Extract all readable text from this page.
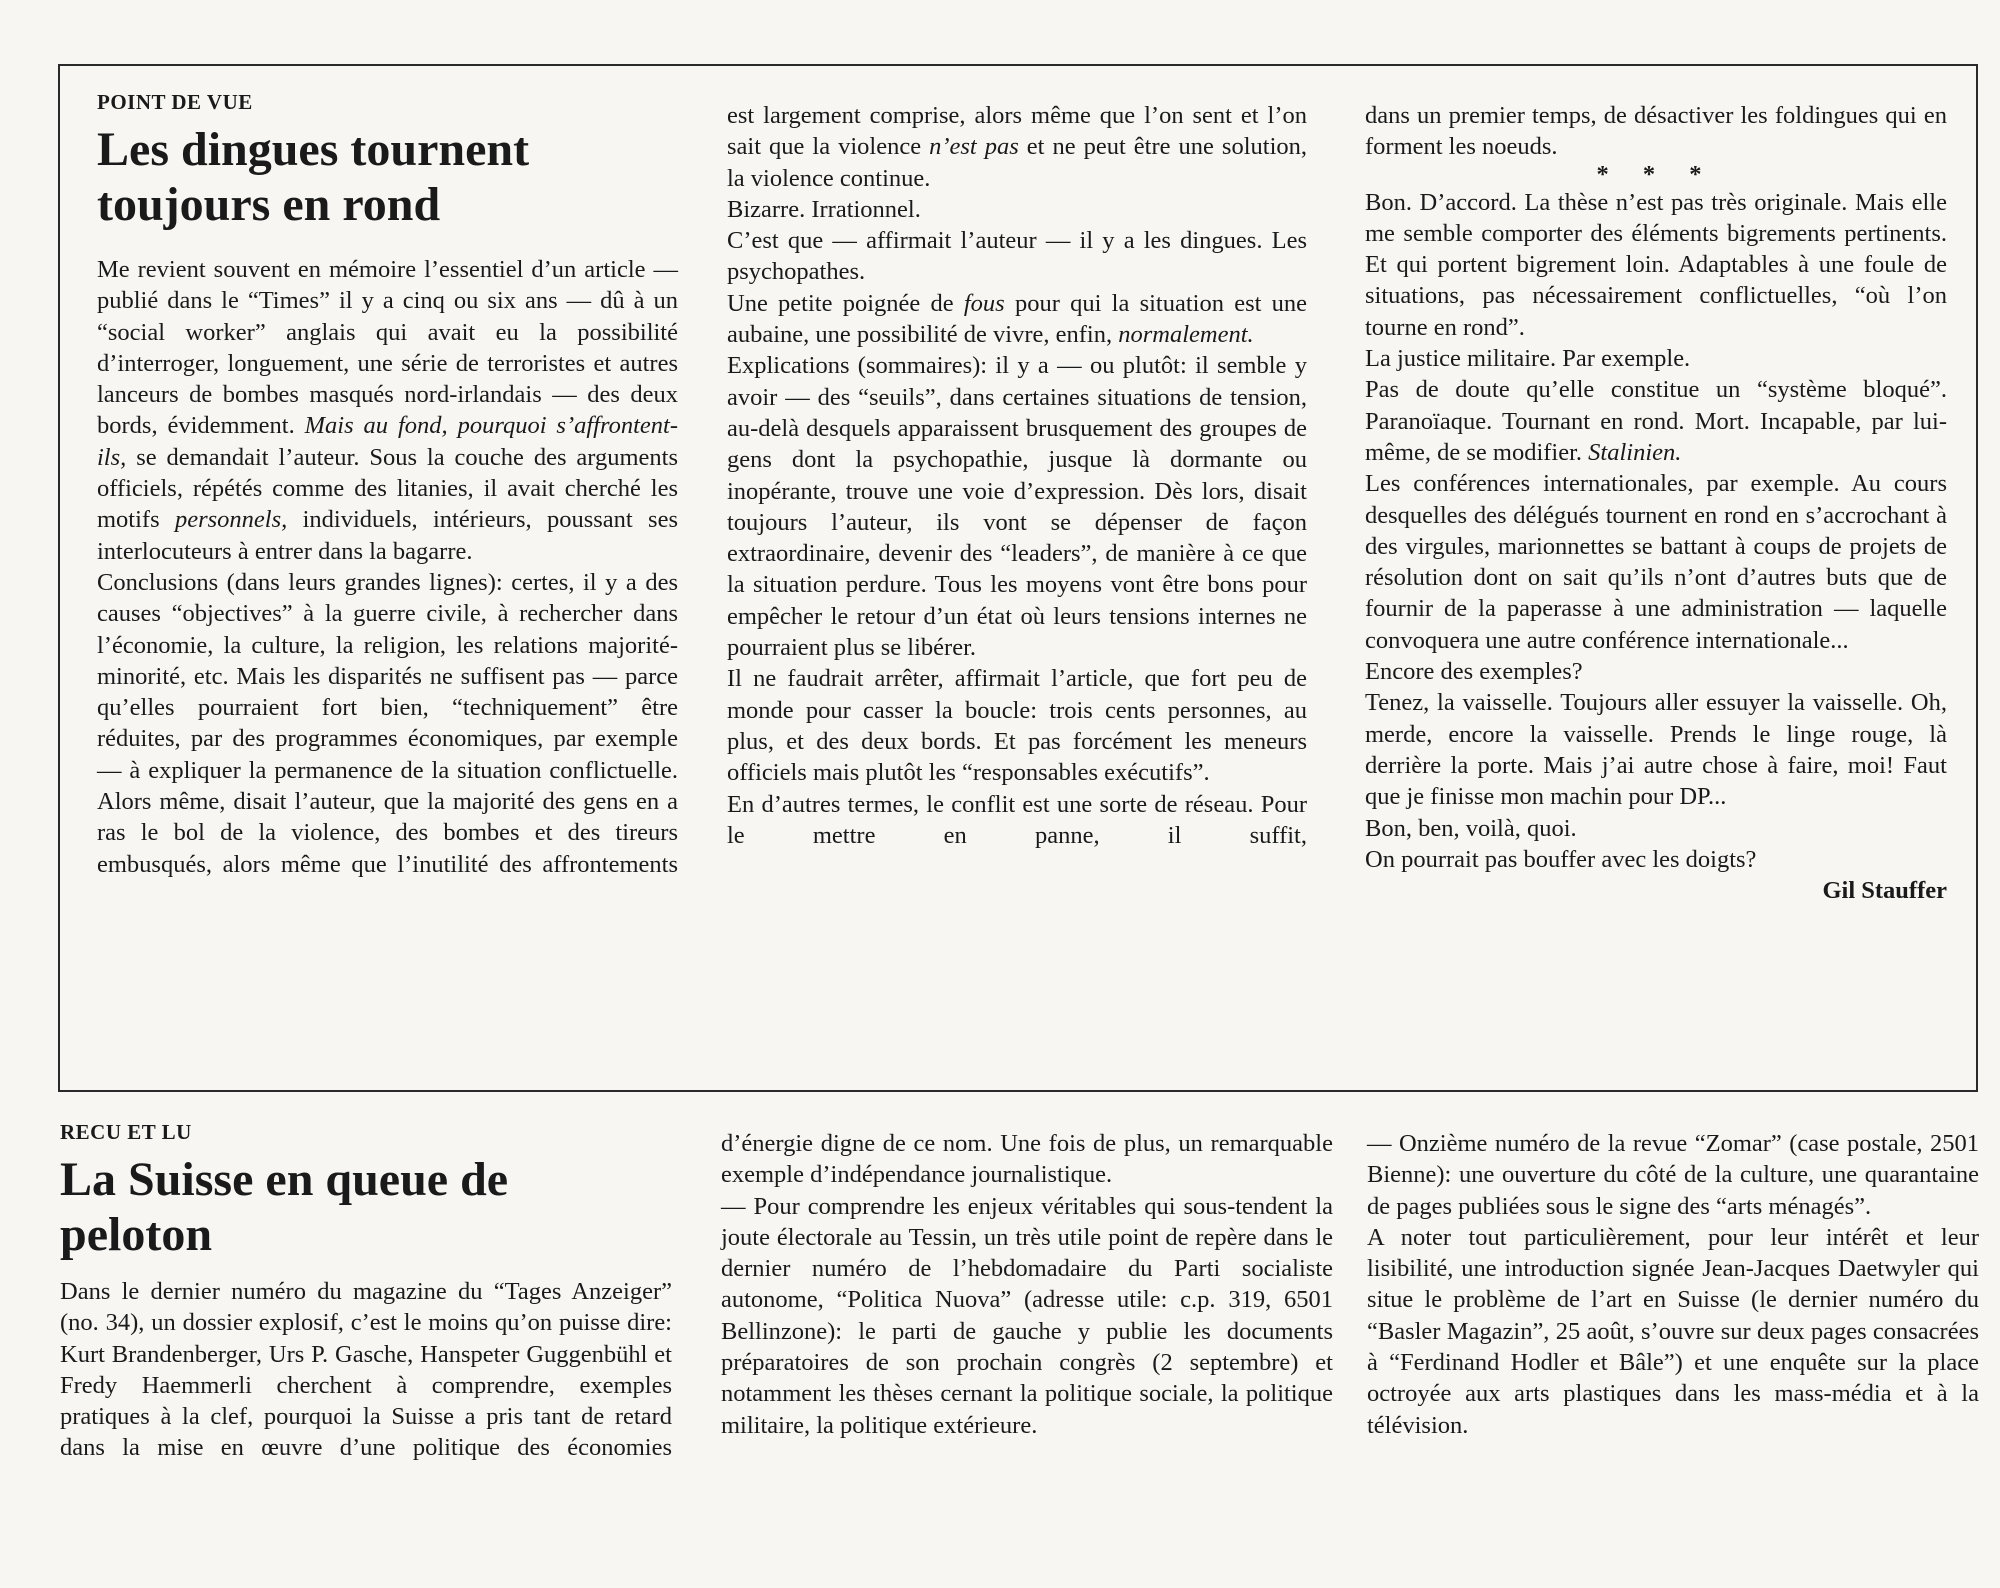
POINT DE VUE
Les dingues tournent toujours en rond

Me revient souvent en mémoire l’essentiel d’un article — publié dans le “Times” il y a cinq ou six ans — dû à un “social worker” anglais qui avait eu la possibilité d’interroger, longuement, une série de terroristes et autres lanceurs de bombes masqués nord-irlandais — des deux bords, évidemment. Mais au fond, pourquoi s’affrontent-ils, se demandait l’auteur. Sous la couche des arguments officiels, répétés comme des litanies, il avait cherché les motifs personnels, individuels, intérieurs, poussant ses interlocuteurs à entrer dans la bagarre.

Conclusions (dans leurs grandes lignes): certes, il y a des causes “objectives” à la guerre civile, à rechercher dans l’économie, la culture, la religion, les relations majorité-minorité, etc. Mais les disparités ne suffisent pas — parce qu’elles pourraient fort bien, “techniquement” être réduites, par des programmes économiques, par exemple — à expliquer la permanence de la situation conflictuelle. Alors même, disait l’auteur, que la majorité des gens en a ras le bol de la violence, des bombes et des tireurs embusqués, alors même que l’inutilité des affrontements

est largement comprise, alors même que l’on sent et l’on sait que la violence n’est pas et ne peut être une solution, la violence continue.

Bizarre. Irrationnel.

C’est que — affirmait l’auteur — il y a les dingues. Les psychopathes.

Une petite poignée de fous pour qui la situation est une aubaine, une possibilité de vivre, enfin, normalement.

Explications (sommaires): il y a — ou plutôt: il semble y avoir — des “seuils”, dans certaines situations de tension, au-delà desquels apparaissent brusquement des groupes de gens dont la psychopathie, jusque là dormante ou inopérante, trouve une voie d’expression. Dès lors, disait toujours l’auteur, ils vont se dépenser de façon extraordinaire, devenir des “leaders”, de manière à ce que la situation perdure. Tous les moyens vont être bons pour empêcher le retour d’un état où leurs tensions internes ne pourraient plus se libérer.

Il ne faudrait arrêter, affirmait l’article, que fort peu de monde pour casser la boucle: trois cents personnes, au plus, et des deux bords. Et pas forcément les meneurs officiels mais plutôt les “responsables exécutifs”.

En d’autres termes, le conflit est une sorte de réseau. Pour le mettre en panne, il suffit,

dans un premier temps, de désactiver les foldingues qui en forment les noeuds.

* * *

Bon. D’accord. La thèse n’est pas très originale. Mais elle me semble comporter des éléments bigrements pertinents. Et qui portent bigrement loin. Adaptables à une foule de situations, pas nécessairement conflictuelles, “où l’on tourne en rond”.

La justice militaire. Par exemple.

Pas de doute qu’elle constitue un “système bloqué”. Paranoïaque. Tournant en rond. Mort. Incapable, par lui-même, de se modifier. Stalinien.

Les conférences internationales, par exemple. Au cours desquelles des délégués tournent en rond en s’accrochant à des virgules, marionnettes se battant à coups de projets de résolution dont on sait qu’ils n’ont d’autres buts que de fournir de la paperasse à une administration — laquelle convoquera une autre conférence internationale...

Encore des exemples?

Tenez, la vaisselle. Toujours aller essuyer la vaisselle. Oh, merde, encore la vaisselle. Prends le linge rouge, là derrière la porte. Mais j’ai autre chose à faire, moi! Faut que je finisse mon machin pour DP...

Bon, ben, voilà, quoi.

On pourrait pas bouffer avec les doigts?

Gil Stauffer
RECU ET LU
La Suisse en queue de peloton

Dans le dernier numéro du magazine du “Tages Anzeiger” (no. 34), un dossier explosif, c’est le moins qu’on puisse dire: Kurt Brandenberger, Urs P. Gasche, Hanspeter Guggenbühl et Fredy Haemmerli cherchent à comprendre, exemples pratiques à la clef, pourquoi la Suisse a pris tant de retard dans la mise en œuvre d’une politique des économies

d’énergie digne de ce nom. Une fois de plus, un remarquable exemple d’indépendance journalistique.

— Pour comprendre les enjeux véritables qui sous-tendent la joute électorale au Tessin, un très utile point de repère dans le dernier numéro de l’hebdomadaire du Parti socialiste autonome, “Politica Nuova” (adresse utile: c.p. 319, 6501 Bellinzone): le parti de gauche y publie les documents préparatoires de son prochain congrès (2 septembre) et notamment les thèses cernant la politique sociale, la politique militaire, la politique extérieure.

— Onzième numéro de la revue “Zomar” (case postale, 2501 Bienne): une ouverture du côté de la culture, une quarantaine de pages publiées sous le signe des “arts ménagés”.

A noter tout particulièrement, pour leur intérêt et leur lisibilité, une introduction signée Jean-Jacques Daetwyler qui situe le problème de l’art en Suisse (le dernier numéro du “Basler Magazin”, 25 août, s’ouvre sur deux pages consacrées à “Ferdinand Hodler et Bâle”) et une enquête sur la place octroyée aux arts plastiques dans les mass-média et à la télévision.
